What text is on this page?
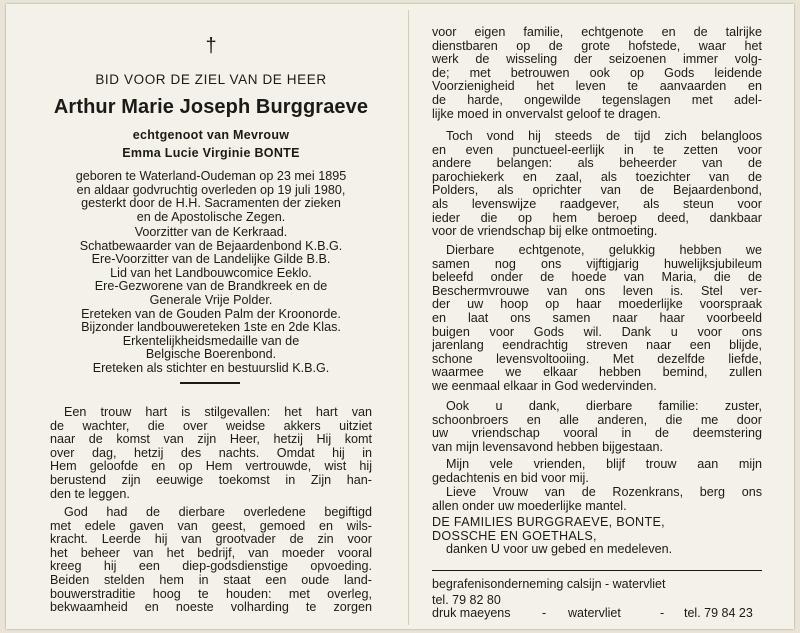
†
BID VOOR DE ZIEL VAN DE HEER
Arthur Marie Joseph Burggraeve
echtgenoot van Mevrouw
Emma Lucie Virginie BONTE
geboren te Waterland-Oudeman op 23 mei 1895
en aldaar godvruchtig overleden op 19 juli 1980,
gesterkt door de H.H. Sacramenten der zieken
en de Apostolische Zegen.
Voorzitter van de Kerkraad.
Schatbewaarder van de Bejaardenbond K.B.G.
Ere-Voorzitter van de Landelijke Gilde B.B.
Lid van het Landbouwcomice Eeklo.
Ere-Gezworene van de Brandkreek en de
Generale Vrije Polder.
Ereteken van de Gouden Palm der Kroonorde.
Bijzonder landbouwereteken 1ste en 2de Klas.
Erkentelijkheidsmedaille van de
Belgische Boerenbond.
Ereteken als stichter en bestuurslid K.B.G.
Een trouw hart is stilgevallen: het hart van
de wachter, die over weidse akkers uitziet
naar de komst van zijn Heer, hetzij Hij komt
over dag, hetzij des nachts. Omdat hij in
Hem geloofde en op Hem vertrouwde, wist hij
berustend zijn eeuwige toekomst in Zijn han-
den te leggen.
God had de dierbare overledene begiftigd
met edele gaven van geest, gemoed en wils-
kracht. Leerde hij van grootvader de zin voor
het beheer van het bedrijf, van moeder vooral
kreeg hij een diep-godsdienstige opvoeding.
Beiden stelden hem in staat een oude land-
bouwerstraditie hoog te houden: met overleg,
bekwaamheid en noeste volharding te zorgen
voor eigen familie, echtgenote en de talrijke
dienstbaren op de grote hofstede, waar het
werk de wisseling der seizoenen immer volg-
de; met betrouwen ook op Gods leidende
Voorzienigheid het leven te aanvaarden en
de harde, ongewilde tegenslagen met adel-
lijke moed in onvervalst geloof te dragen.
Toch vond hij steeds de tijd zich belangloos
en even punctueel-eerlijk in te zetten voor
andere belangen: als beheerder van de
parochiekerk en zaal, als toezichter van de
Polders, als oprichter van de Bejaardenbond,
als levenswijze raadgever, als steun voor
ieder die op hem beroep deed, dankbaar
voor de vriendschap bij elke ontmoeting.
Dierbare echtgenote, gelukkig hebben we
samen nog ons vijftigjarig huwelijksjubileum
beleefd onder de hoede van Maria, die de
Beschermvrouwe van ons leven is. Stel ver-
der uw hoop op haar moederlijke voorspraak
en laat ons samen naar haar voorbeeld
buigen voor Gods wil. Dank u voor ons
jarenlang eendrachtig streven naar een blijde,
schone levensvoltooiing. Met dezelfde liefde,
waarmee we elkaar hebben bemind, zullen
we eenmaal elkaar in God wedervinden.
Ook u dank, dierbare familie: zuster,
schoonbroers en alle anderen, die me door
uw vriendschap vooral in de deemstering
van mijn levensavond hebben bijgestaan.
Mijn vele vrienden, blijf trouw aan mijn
gedachtenis en bid voor mij.
Lieve Vrouw van de Rozenkrans, berg ons
allen onder uw moederlijke mantel.
DE FAMILIES BURGGRAEVE, BONTE,
DOSSCHE EN GOETHALS,
danken U voor uw gebed en medeleven.
begrafenisonderneming calsijn - watervliet
tel. 79 82 80
druk maeyens	- watervliet	- tel. 79 84 23
